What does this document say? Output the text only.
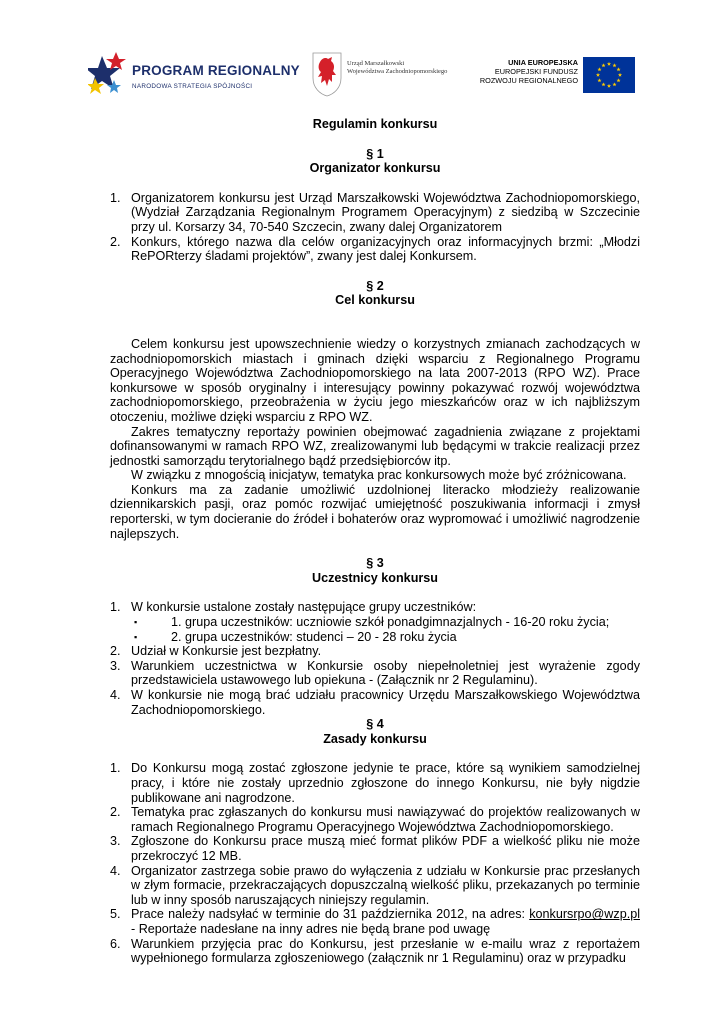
PROGRAM REGIONALNY
NARODOWA STRATEGIA SPÓJNOŚCI
Urząd Marszałkowski
Województwa Zachodniopomorskiego
UNIA EUROPEJSKA
EUROPEJSKI FUNDUSZ
ROZWOJU REGIONALNEGO

Regulamin konkursu

§ 1

Organizator konkursu

1. Organizatorem konkursu jest Urząd Marszałkowski Województwa Zachodniopomorskiego, (Wydział Zarządzania Regionalnym Programem Operacyjnym) z siedzibą w Szczecinie przy ul. Korsarzy 34, 70-540 Szczecin, zwany dalej Organizatorem
2. Konkurs, którego nazwa dla celów organizacyjnych oraz informacyjnych brzmi: „Młodzi RePORterzy śladami projektów”, zwany jest dalej Konkursem.

§ 2

Cel konkursu

Celem konkursu jest upowszechnienie wiedzy o korzystnych zmianach zachodzących w zachodniopomorskich miastach i gminach dzięki wsparciu z Regionalnego Programu Operacyjnego Województwa Zachodniopomorskiego na lata 2007-2013 (RPO WZ). Prace konkursowe w sposób oryginalny i interesujący powinny pokazywać rozwój województwa zachodniopomorskiego, przeobrażenia w życiu jego mieszkańców oraz w ich najbliższym otoczeniu, możliwe dzięki wsparciu z RPO WZ.

Zakres tematyczny reportaży powinien obejmować zagadnienia związane z projektami dofinansowanymi w ramach RPO WZ, zrealizowanymi lub będącymi w trakcie realizacji przez jednostki samorządu terytorialnego bądź przedsiębiorców itp.

W związku z mnogością inicjatyw, tematyka prac konkursowych może być zróżnicowana.

Konkurs ma za zadanie umożliwić uzdolnionej literacko młodzieży realizowanie dziennikarskich pasji, oraz pomóc rozwijać umiejętność poszukiwania informacji i zmysł reporterski, w tym docieranie do źródeł i bohaterów oraz wypromować i umożliwić nagrodzenie najlepszych.

§ 3

Uczestnicy konkursu

1. W konkursie ustalone zostały następujące grupy uczestników:
▪	1. grupa uczestników: uczniowie szkół ponadgimnazjalnych - 16-20 roku życia;
▪	2. grupa uczestników: studenci – 20 - 28 roku życia
2. Udział w Konkursie jest bezpłatny.
3. Warunkiem uczestnictwa w Konkursie osoby niepełnoletniej jest wyrażenie zgody przedstawiciela ustawowego lub opiekuna - (Załącznik nr 2 Regulaminu).
4. W konkursie nie mogą brać udziału pracownicy Urzędu Marszałkowskiego Województwa Zachodniopomorskiego.

§ 4

Zasady konkursu

1. Do Konkursu mogą zostać zgłoszone jedynie te prace, które są wynikiem samodzielnej pracy, i które nie zostały uprzednio zgłoszone do innego Konkursu, nie były nigdzie publikowane ani nagrodzone.
2. Tematyka prac zgłaszanych do konkursu musi nawiązywać do projektów realizowanych w ramach Regionalnego Programu Operacyjnego Województwa Zachodniopomorskiego.
3. Zgłoszone do Konkursu prace muszą mieć format plików PDF a wielkość pliku nie może przekroczyć 12 MB.
4. Organizator zastrzega sobie prawo do wyłączenia z udziału w Konkursie prac przesłanych w złym formacie, przekraczających dopuszczalną wielkość pliku, przekazanych po terminie lub w inny sposób naruszających niniejszy regulamin.
5. Prace należy nadsyłać w terminie do 31 października 2012, na adres: konkursrpo@wzp.pl - Reportaże nadesłane na inny adres nie będą brane pod uwagę
6. Warunkiem przyjęcia prac do Konkursu, jest przesłanie w e-mailu wraz z reportażem wypełnionego formularza zgłoszeniowego (załącznik nr 1 Regulaminu) oraz w przypadku
